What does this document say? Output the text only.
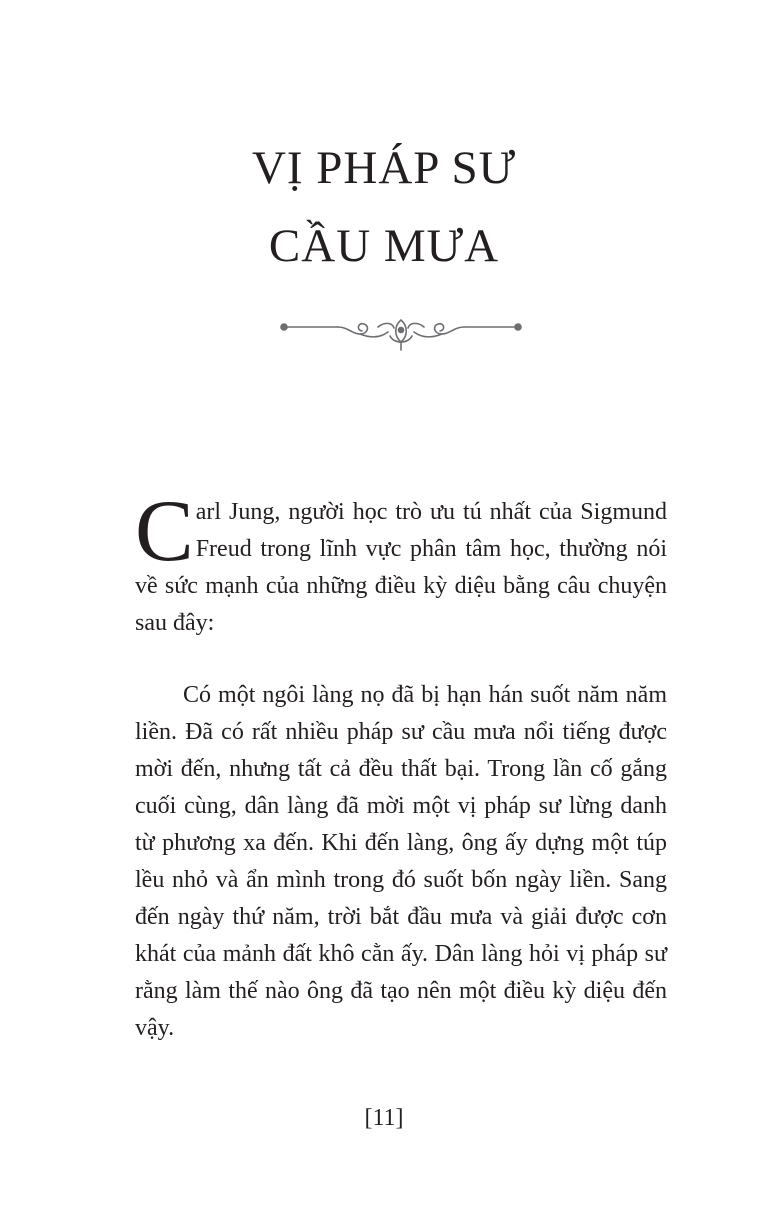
VỊ PHÁP SƯ
CẦU MƯA

Carl Jung, người học trò ưu tú nhất của Sigmund Freud trong lĩnh vực phân tâm học, thường nói về sức mạnh của những điều kỳ diệu bằng câu chuyện sau đây:

Có một ngôi làng nọ đã bị hạn hán suốt năm năm liền. Đã có rất nhiều pháp sư cầu mưa nổi tiếng được mời đến, nhưng tất cả đều thất bại. Trong lần cố gắng cuối cùng, dân làng đã mời một vị pháp sư lừng danh từ phương xa đến. Khi đến làng, ông ấy dựng một túp lều nhỏ và ẩn mình trong đó suốt bốn ngày liền. Sang đến ngày thứ năm, trời bắt đầu mưa và giải được cơn khát của mảnh đất khô cằn ấy. Dân làng hỏi vị pháp sư rằng làm thế nào ông đã tạo nên một điều kỳ diệu đến vậy.

[11]
